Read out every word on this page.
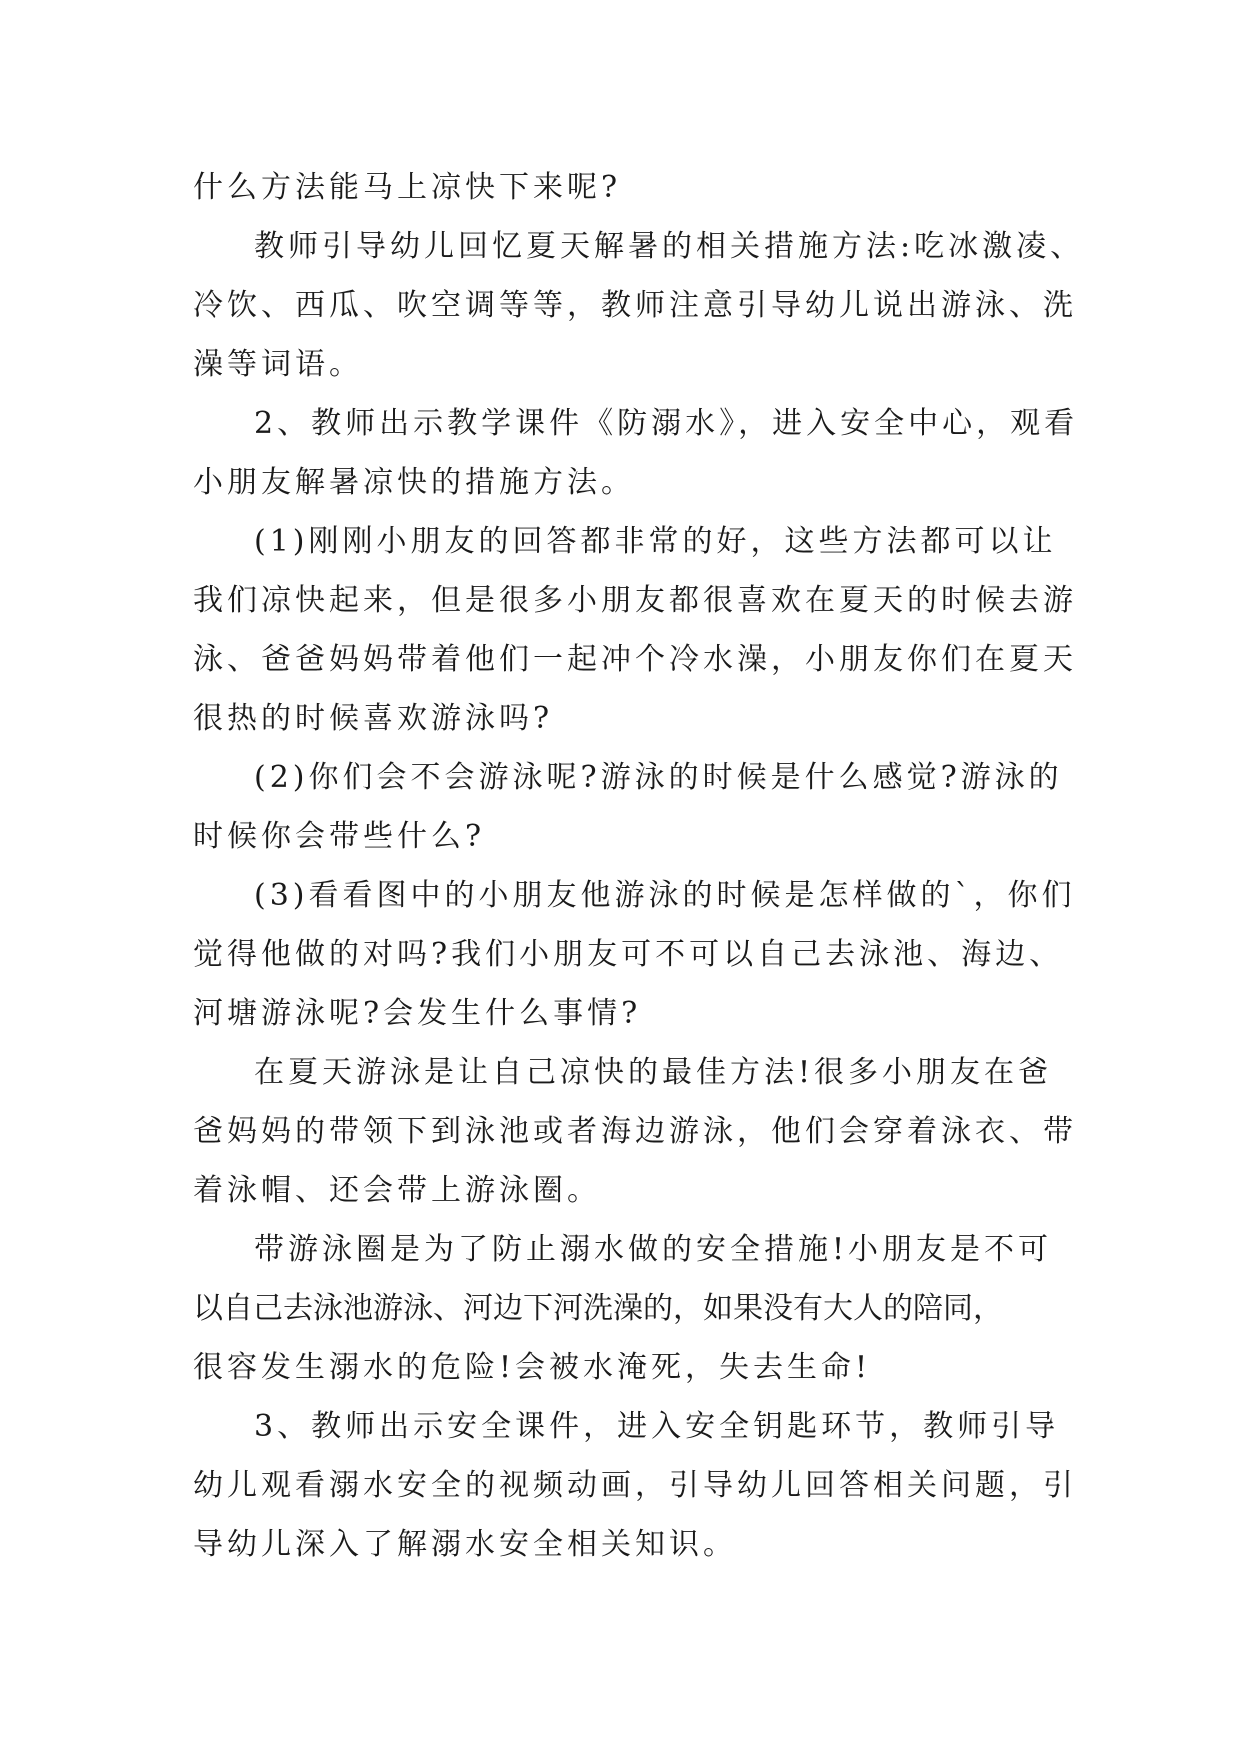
什么方法能马上凉快下来呢?
教师引导幼儿回忆夏天解暑的相关措施方法:吃冰激凌、
冷饮、西瓜、吹空调等等，教师注意引导幼儿说出游泳、洗
澡等词语。
2、教师出示教学课件《防溺水》，进入安全中心，观看
小朋友解暑凉快的措施方法。
(1)刚刚小朋友的回答都非常的好，这些方法都可以让
我们凉快起来，但是很多小朋友都很喜欢在夏天的时候去游
泳、爸爸妈妈带着他们一起冲个冷水澡，小朋友你们在夏天
很热的时候喜欢游泳吗?
(2)你们会不会游泳呢?游泳的时候是什么感觉?游泳的
时候你会带些什么?
(3)看看图中的小朋友他游泳的时候是怎样做的`，你们
觉得他做的对吗?我们小朋友可不可以自己去泳池、海边、
河塘游泳呢?会发生什么事情?
在夏天游泳是让自己凉快的最佳方法!很多小朋友在爸
爸妈妈的带领下到泳池或者海边游泳，他们会穿着泳衣、带
着泳帽、还会带上游泳圈。
带游泳圈是为了防止溺水做的安全措施!小朋友是不可
以自己去泳池游泳、河边下河洗澡的，如果没有大人的陪同，
很容发生溺水的危险!会被水淹死，失去生命!
3、教师出示安全课件，进入安全钥匙环节，教师引导
幼儿观看溺水安全的视频动画，引导幼儿回答相关问题，引
导幼儿深入了解溺水安全相关知识。
